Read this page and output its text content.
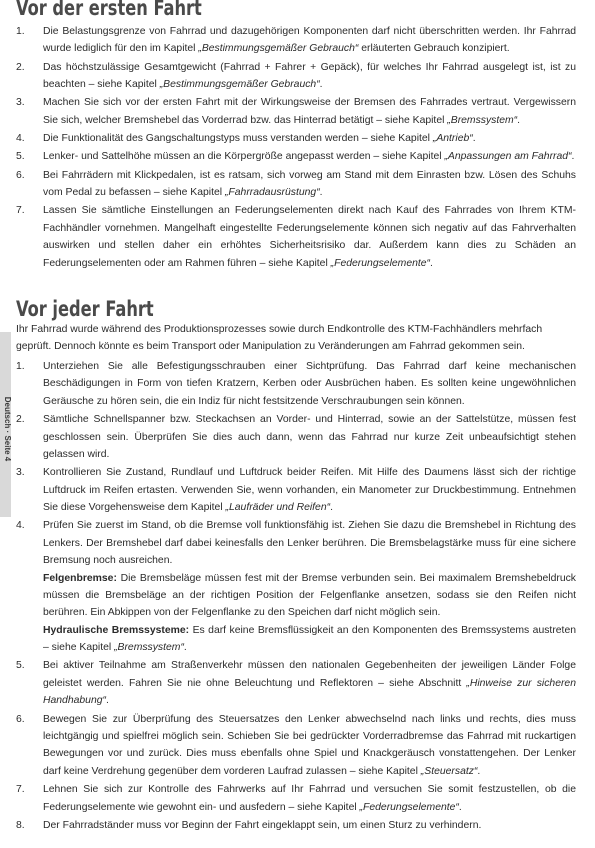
Deutsch · Seite 4
Vor der ersten Fahrt
1. Die Belastungsgrenze von Fahrrad und dazugehörigen Komponenten darf nicht überschritten werden. Ihr Fahrrad wurde lediglich für den im Kapitel „Bestimmungsgemäßer Gebrauch“ erläuterten Gebrauch konzipiert.
2. Das höchstzulässige Gesamtgewicht (Fahrrad + Fahrer + Gepäck), für welches Ihr Fahrrad ausgelegt ist, ist zu beachten – siehe Kapitel „Bestimmungsgemäßer Gebrauch“.
3. Machen Sie sich vor der ersten Fahrt mit der Wirkungsweise der Bremsen des Fahrrades vertraut. Vergewissern Sie sich, welcher Bremshebel das Vorderrad bzw. das Hinterrad betätigt – siehe Kapitel „Bremssystem“.
4. Die Funktionalität des Gangschaltungstyps muss verstanden werden – siehe Kapitel „Antrieb“.
5. Lenker- und Sattelhöhe müssen an die Körpergröße angepasst werden – siehe Kapitel „Anpassungen am Fahrrad“.
6. Bei Fahrrädern mit Klickpedalen, ist es ratsam, sich vorweg am Stand mit dem Einrasten bzw. Lösen des Schuhs vom Pedal zu befassen – siehe Kapitel „Fahrradausrüstung“.
7. Lassen Sie sämtliche Einstellungen an Federungselementen direkt nach Kauf des Fahrrades von Ihrem KTM-Fachhändler vornehmen. Mangelhaft eingestellte Federungselemente können sich negativ auf das Fahrverhalten auswirken und stellen daher ein erhöhtes Sicherheitsrisiko dar. Außerdem kann dies zu Schäden an Federungselementen oder am Rahmen führen – siehe Kapitel „Federungselemente“.
Vor jeder Fahrt

Ihr Fahrrad wurde während des Produktionsprozesses sowie durch Endkontrolle des KTM-Fachhändlers mehrfach geprüft. Dennoch könnte es beim Transport oder Manipulation zu Veränderungen am Fahrrad gekommen sein.

1. Unterziehen Sie alle Befestigungsschrauben einer Sichtprüfung. Das Fahrrad darf keine mechanischen Beschädigungen in Form von tiefen Kratzern, Kerben oder Ausbrüchen haben. Es sollten keine ungewöhnlichen Geräusche zu hören sein, die ein Indiz für nicht festsitzende Verschraubungen sein können.
2. Sämtliche Schnellspanner bzw. Steckachsen an Vorder- und Hinterrad, sowie an der Sattelstütze, müssen fest geschlossen sein. Überprüfen Sie dies auch dann, wenn das Fahrrad nur kurze Zeit unbeaufsichtigt stehen gelassen wird.
3. Kontrollieren Sie Zustand, Rundlauf und Luftdruck beider Reifen. Mit Hilfe des Daumens lässt sich der richtige Luftdruck im Reifen ertasten. Verwenden Sie, wenn vorhanden, ein Manometer zur Druckbestimmung. Entnehmen Sie diese Vorgehensweise dem Kapitel „Laufräder und Reifen“.
4. Prüfen Sie zuerst im Stand, ob die Bremse voll funktionsfähig ist. Ziehen Sie dazu die Bremshebel in Richtung des Lenkers. Der Bremshebel darf dabei keinesfalls den Lenker berühren. Die Bremsbelagstärke muss für eine sichere Bremsung noch ausreichen.
Felgenbremse: Die Bremsbeläge müssen fest mit der Bremse verbunden sein. Bei maximalem Bremshebeldruck müssen die Bremsbeläge an der richtigen Position der Felgenflanke ansetzen, sodass sie den Reifen nicht berühren. Ein Abkippen von der Felgenflanke zu den Speichen darf nicht möglich sein.
Hydraulische Bremssysteme: Es darf keine Bremsflüssigkeit an den Komponenten des Bremssystems austreten – siehe Kapitel „Bremssystem“.
5. Bei aktiver Teilnahme am Straßenverkehr müssen den nationalen Gegebenheiten der jeweiligen Länder Folge geleistet werden. Fahren Sie nie ohne Beleuchtung und Reflektoren – siehe Abschnitt „Hinweise zur sicheren Handhabung“.
6. Bewegen Sie zur Überprüfung des Steuersatzes den Lenker abwechselnd nach links und rechts, dies muss leichtgängig und spielfrei möglich sein. Schieben Sie bei gedrückter Vorderradbremse das Fahrrad mit ruckartigen Bewegungen vor und zurück. Dies muss ebenfalls ohne Spiel und Knackgeräusch vonstattengehen. Der Lenker darf keine Verdrehung gegenüber dem vorderen Laufrad zulassen – siehe Kapitel „Steuersatz“.
7. Lehnen Sie sich zur Kontrolle des Fahrwerks auf Ihr Fahrrad und versuchen Sie somit festzustellen, ob die Federungselemente wie gewohnt ein- und ausfedern – siehe Kapitel „Federungselemente“.
8. Der Fahrradständer muss vor Beginn der Fahrt eingeklappt sein, um einen Sturz zu verhindern.
